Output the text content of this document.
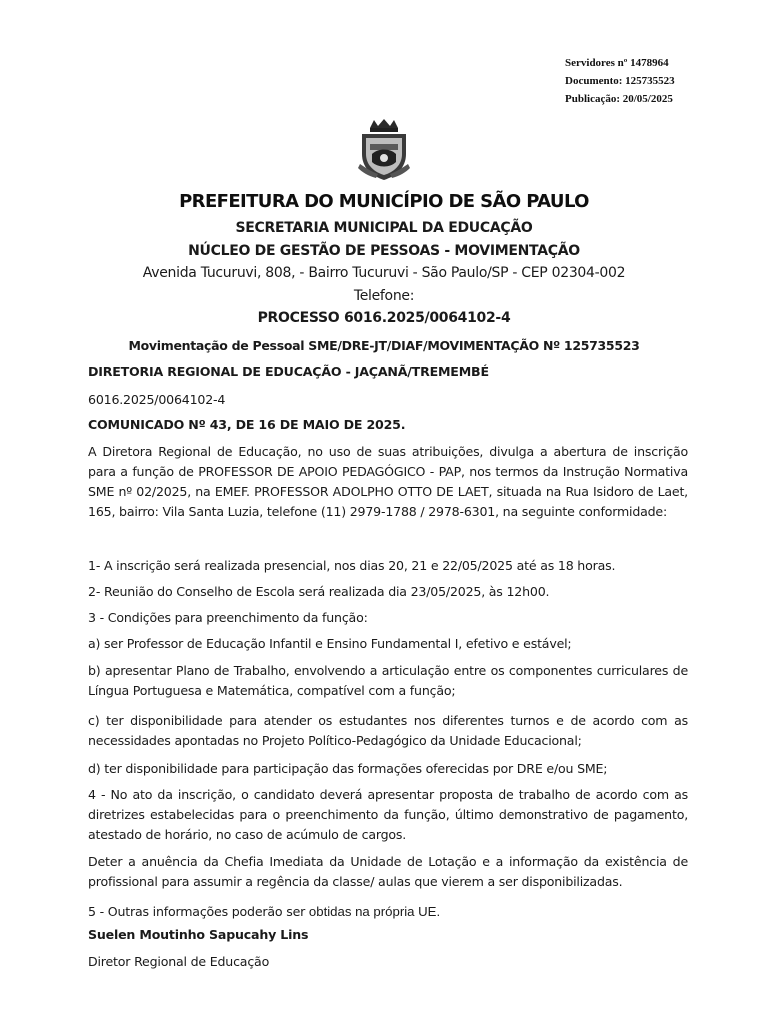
Servidores nº 1478964
Documento: 125735523
Publicação: 20/05/2025
PREFEITURA DO MUNICÍPIO DE SÃO PAULO
SECRETARIA MUNICIPAL DA EDUCAÇÃO
NÚCLEO DE GESTÃO DE PESSOAS - MOVIMENTAÇÃO
Avenida Tucuruvi, 808, - Bairro Tucuruvi - São Paulo/SP - CEP 02304-002
Telefone:
PROCESSO 6016.2025/0064102-4
Movimentação de Pessoal SME/DRE-JT/DIAF/MOVIMENTAÇÃO Nº 125735523
DIRETORIA REGIONAL DE EDUCAÇÃO - JAÇANÃ/TREMEMBÉ
6016.2025/0064102-4
COMUNICADO Nº 43, DE 16 DE MAIO DE 2025.
A Diretora Regional de Educação, no uso de suas atribuições, divulga a abertura de inscrição para a função de PROFESSOR DE APOIO PEDAGÓGICO - PAP, nos termos da Instrução Normativa SME nº 02/2025, na EMEF. PROFESSOR ADOLPHO OTTO DE LAET, situada na Rua Isidoro de Laet, 165, bairro: Vila Santa Luzia, telefone (11) 2979-1788 / 2978-6301, na seguinte conformidade:
1- A inscrição será realizada presencial, nos dias 20, 21 e 22/05/2025 até as 18 horas.
2- Reunião do Conselho de Escola será realizada dia 23/05/2025, às 12h00.
3 - Condições para preenchimento da função:
a) ser Professor de Educação Infantil e Ensino Fundamental I, efetivo e estável;
b) apresentar Plano de Trabalho, envolvendo a articulação entre os componentes curriculares de Língua Portuguesa e Matemática, compatível com a função;
c) ter disponibilidade para atender os estudantes nos diferentes turnos e de acordo com as necessidades apontadas no Projeto Político-Pedagógico da Unidade Educacional;
d) ter disponibilidade para participação das formações oferecidas por DRE e/ou SME;
4 - No ato da inscrição, o candidato deverá apresentar proposta de trabalho de acordo com as diretrizes estabelecidas para o preenchimento da função, último demonstrativo de pagamento, atestado de horário, no caso de acúmulo de cargos.
Deter a anuência da Chefia Imediata da Unidade de Lotação e a informação da existência de profissional para assumir a regência da classe/ aulas que vierem a ser disponibilizadas.
5 - Outras informações poderão ser obtidas na própria UE.
Suelen Moutinho Sapucahy Lins
Diretor Regional de Educação
